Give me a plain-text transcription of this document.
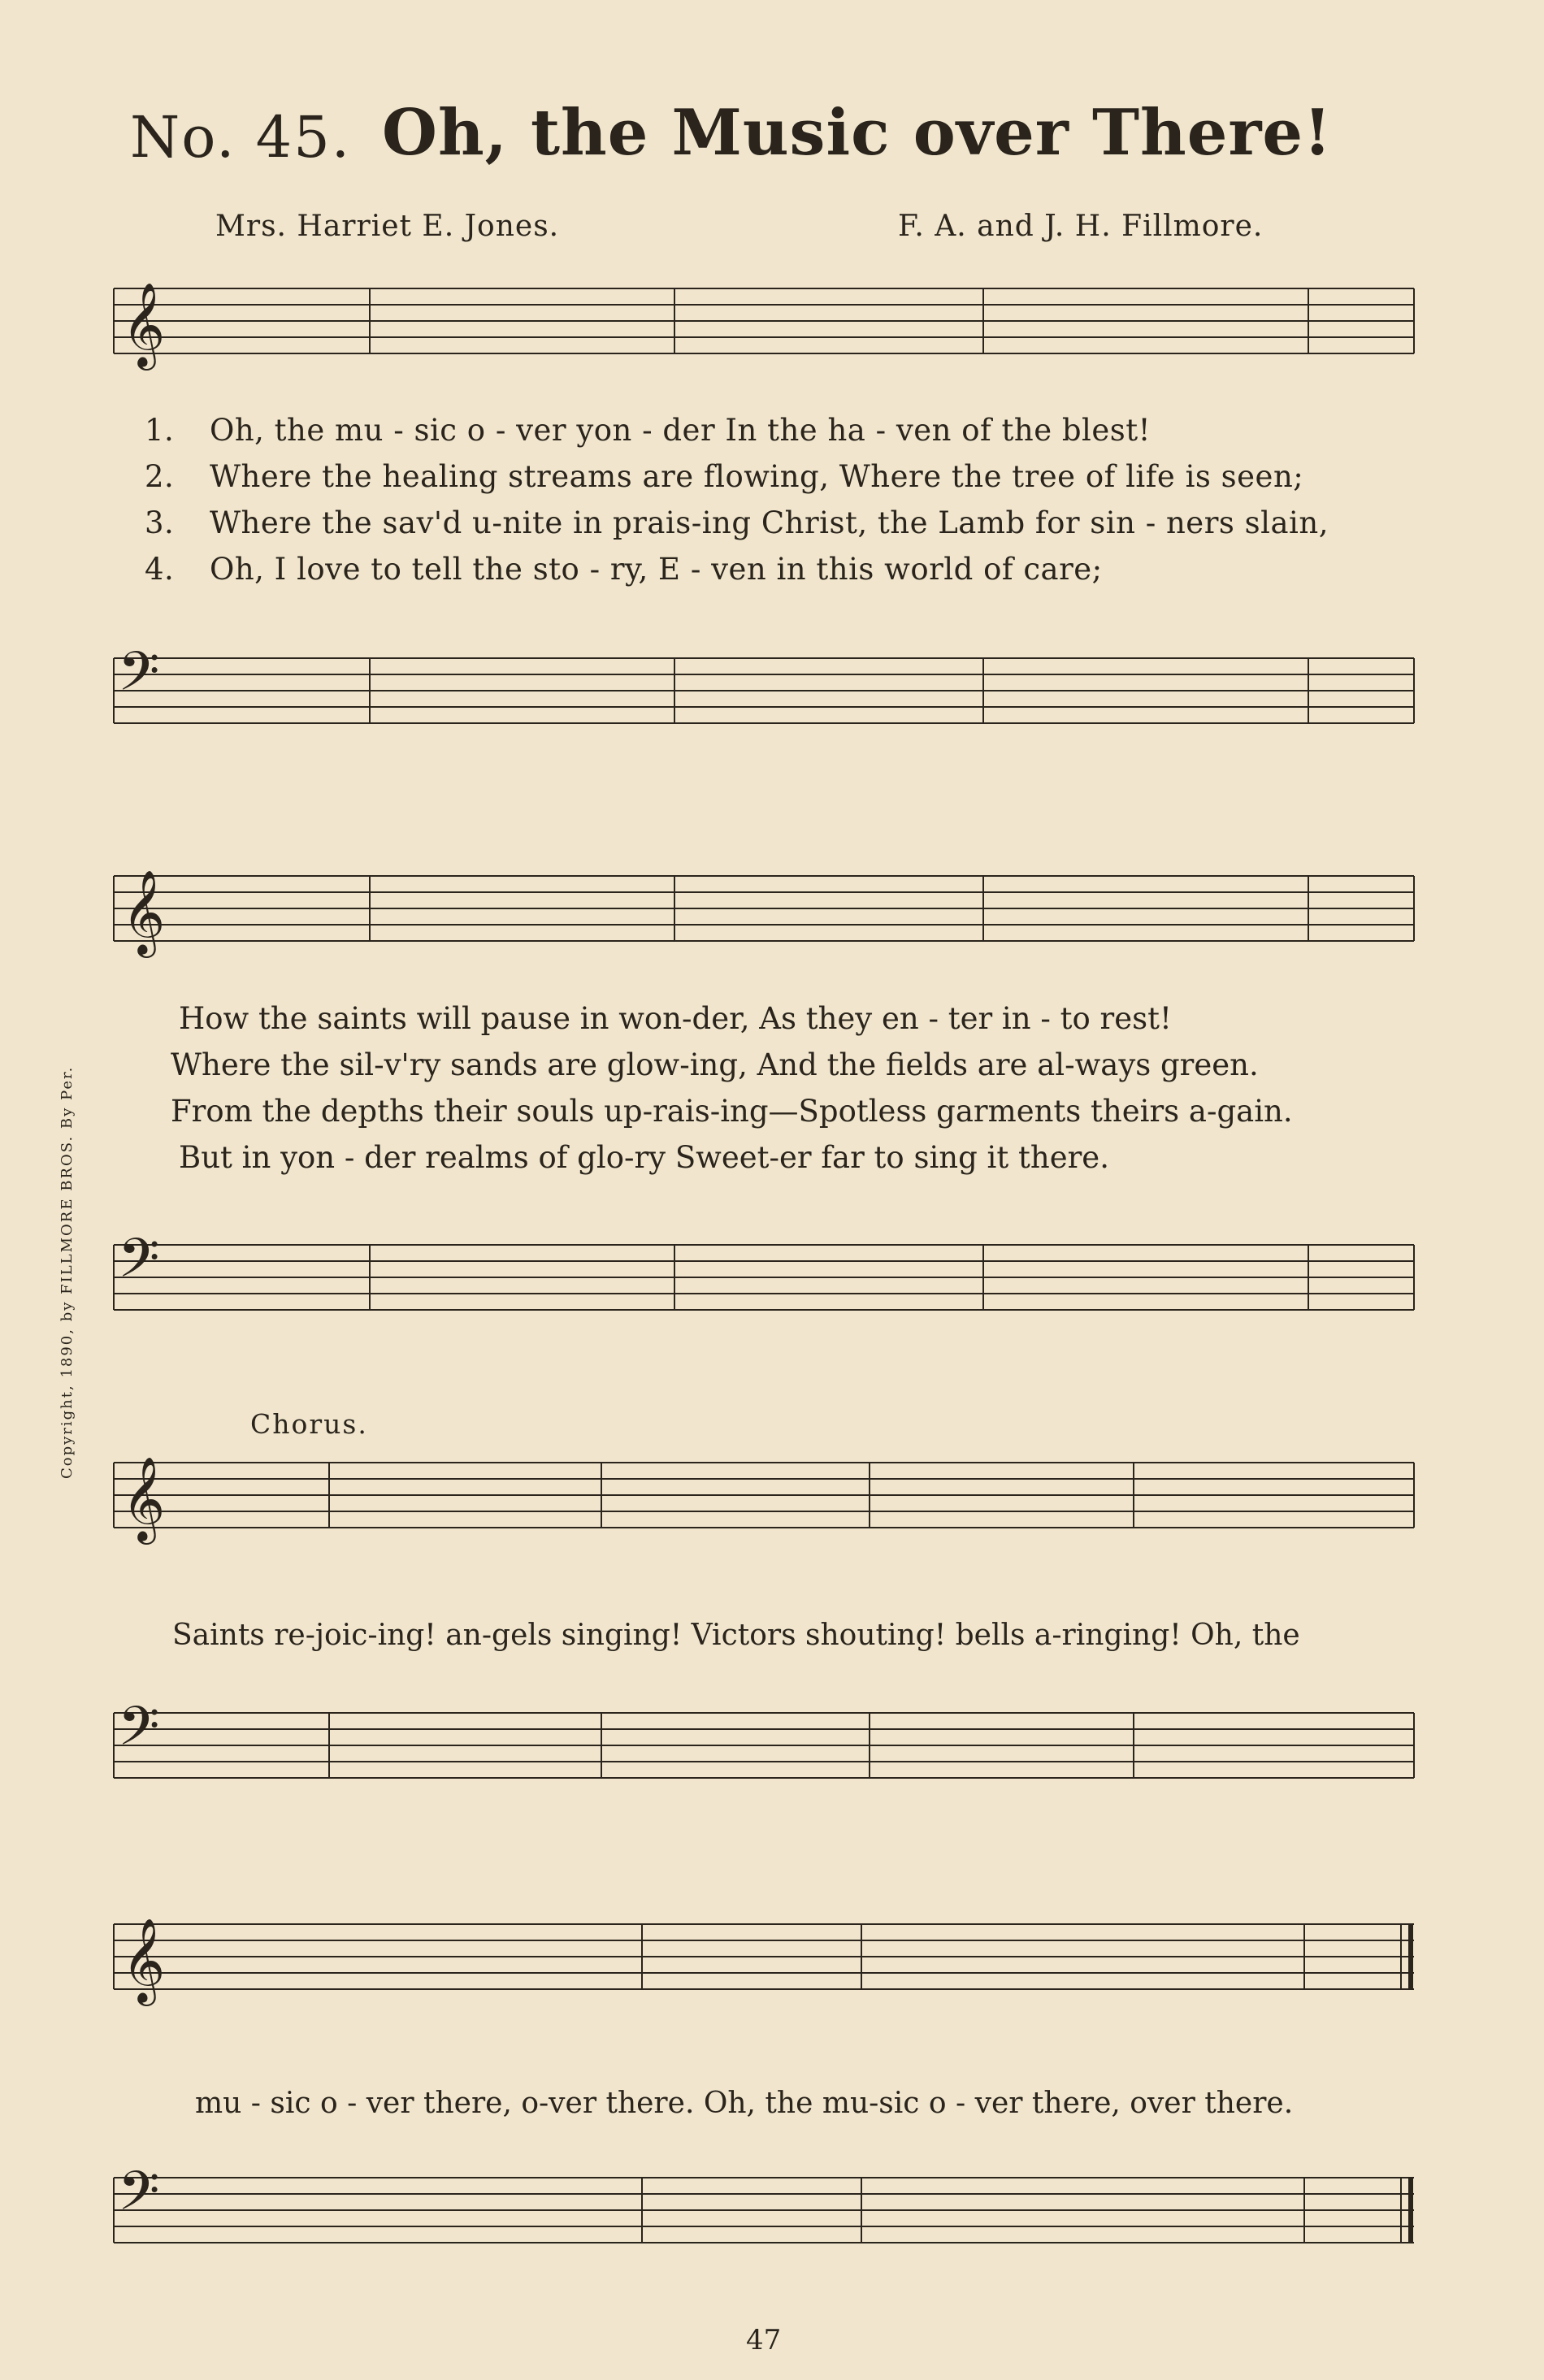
No. 45. Oh, the Music over There!
Mrs. Harriet E. Jones.	F. A. and J. H. Fillmore.
Copyright, 1890, by FILLMORE BROS. By Per.
𝄞
1. Oh, the mu - sic o - ver yon - der In the ha - ven of the blest!
2. Where the healing streams are flowing, Where the tree of life is seen;
3. Where the sav'd u-nite in prais-ing Christ, the Lamb for sin - ners slain,
4. Oh, I love to tell the sto - ry, E - ven in this world of care;
𝄢
𝄞
How the saints will pause in won-der, As they en - ter in - to rest!
Where the sil-v'ry sands are glow-ing, And the fields are al-ways green.
From the depths their souls up-rais-ing—Spotless garments theirs a-gain.
But in yon - der realms of glo-ry Sweet-er far to sing it there.
𝄢
Chorus.
𝄞
Saints re-joic-ing! an-gels singing! Victors shouting! bells a-ringing! Oh, the
𝄢
𝄞
mu - sic o - ver there, o-ver there. Oh, the mu-sic o - ver there, over there.
𝄢
47
